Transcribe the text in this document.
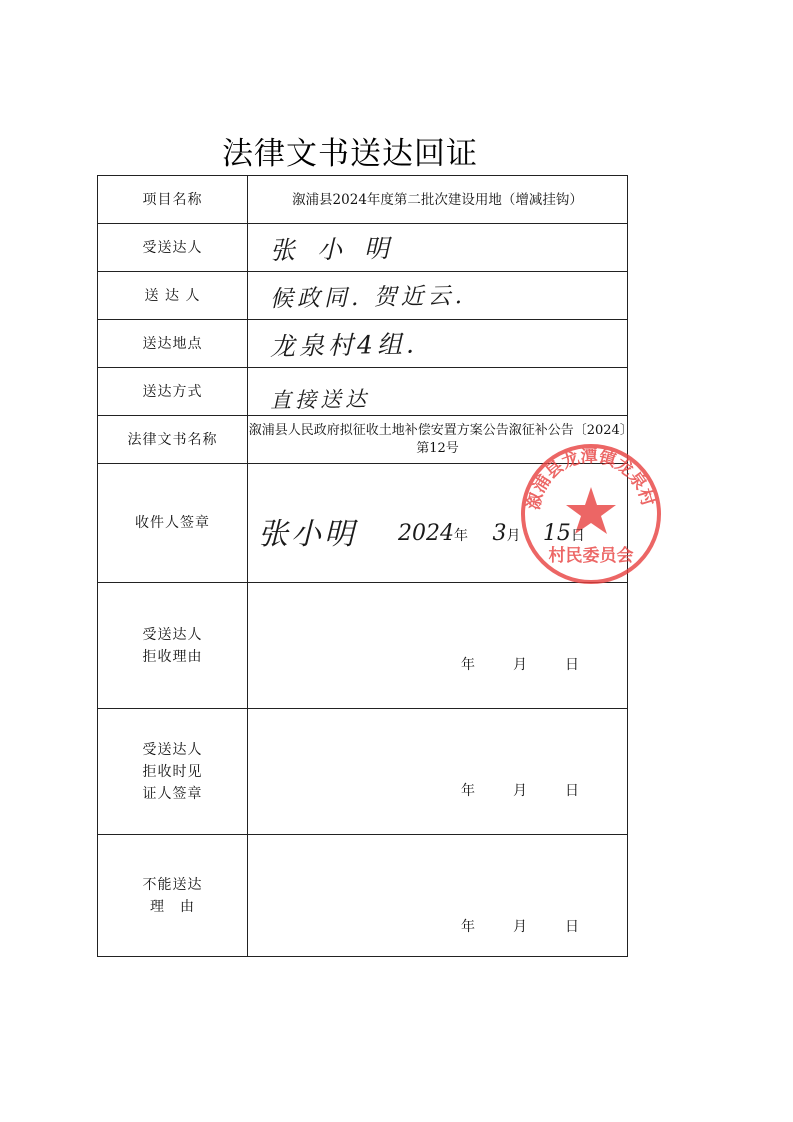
法律文书送达回证
项目名称	溆浦县2024年度第二批次建设用地（增减挂钩）
受送达人	张小明
送 达 人	候政同. 贺近云.
送达地点	龙泉村4组.
送达方式	直接送达
法律文书名称	溆浦县人民政府拟征收土地补偿安置方案公告溆征补公告〔2024〕第12号
收件人签章	溆浦县龙潭镇龙泉村
村民委员会
张小明 2024年 3月 15日

受送达人
拒收理由	年 月 日

受送达人
拒收时见
证人签章	年 月 日

不能送达
理　由	年 月 日
